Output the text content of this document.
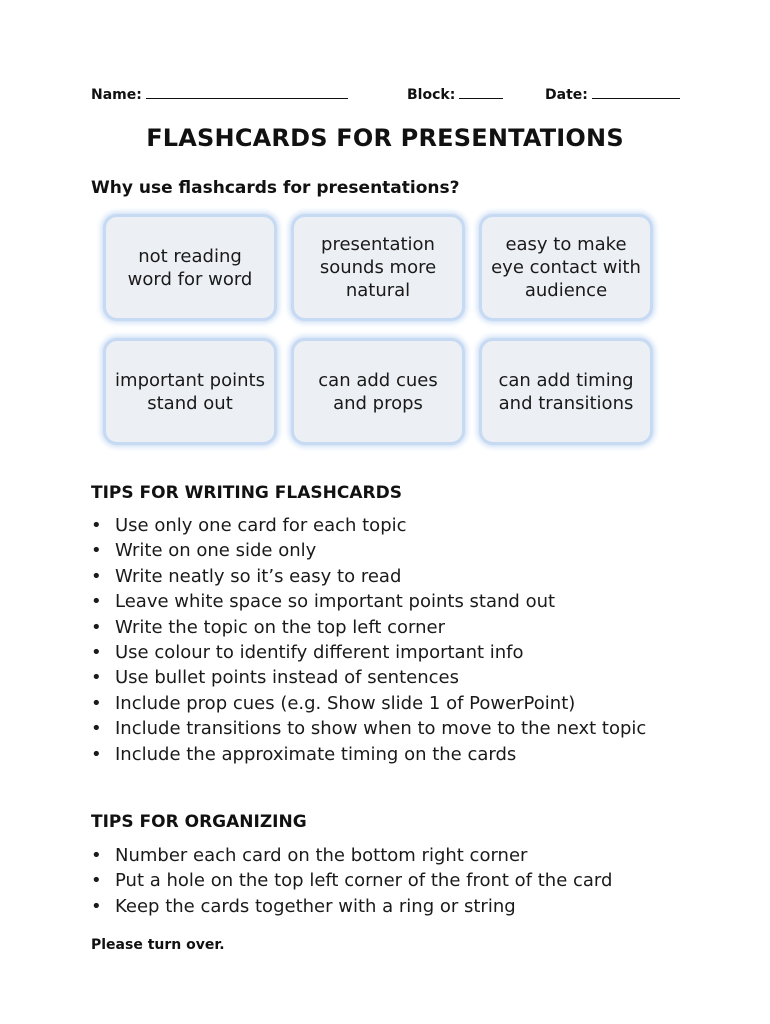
Name:	Block:	Date:
FLASHCARDS FOR PRESENTATIONS
Why use flashcards for presentations?
not reading word for word
presentation sounds more natural
easy to make eye contact with audience
important points stand out
can add cues and props
can add timing and transitions
TIPS FOR WRITING FLASHCARDS
• Use only one card for each topic
• Write on one side only
• Write neatly so it’s easy to read
• Leave white space so important points stand out
• Write the topic on the top left corner
• Use colour to identify different important info
• Use bullet points instead of sentences
• Include prop cues (e.g. Show slide 1 of PowerPoint)
• Include transitions to show when to move to the next topic
• Include the approximate timing on the cards
TIPS FOR ORGANIZING
• Number each card on the bottom right corner
• Put a hole on the top left corner of the front of the card
• Keep the cards together with a ring or string
Please turn over.
